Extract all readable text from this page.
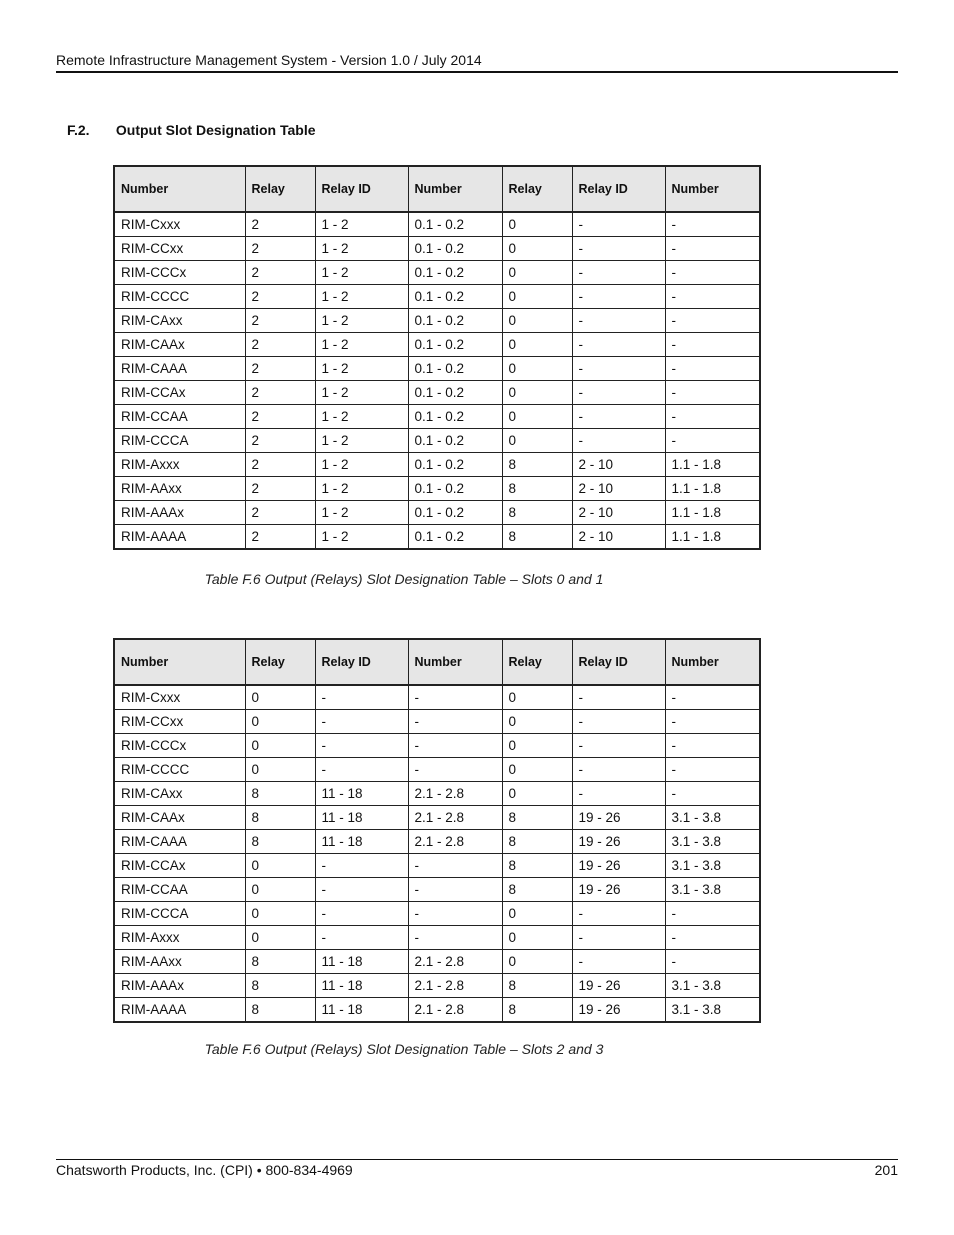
Remote Infrastructure Management System - Version 1.0 / July 2014
F.2. Output Slot Designation Table
Number	Relay	Relay ID	Number	Relay	Relay ID	Number
RIM-Cxxx	2	1 - 2	0.1 - 0.2	0	-	-
RIM-CCxx	2	1 - 2	0.1 - 0.2	0	-	-
RIM-CCCx	2	1 - 2	0.1 - 0.2	0	-	-
RIM-CCCC	2	1 - 2	0.1 - 0.2	0	-	-
RIM-CAxx	2	1 - 2	0.1 - 0.2	0	-	-
RIM-CAAx	2	1 - 2	0.1 - 0.2	0	-	-
RIM-CAAA	2	1 - 2	0.1 - 0.2	0	-	-
RIM-CCAx	2	1 - 2	0.1 - 0.2	0	-	-
RIM-CCAA	2	1 - 2	0.1 - 0.2	0	-	-
RIM-CCCA	2	1 - 2	0.1 - 0.2	0	-	-
RIM-Axxx	2	1 - 2	0.1 - 0.2	8	2 - 10	1.1 - 1.8
RIM-AAxx	2	1 - 2	0.1 - 0.2	8	2 - 10	1.1 - 1.8
RIM-AAAx	2	1 - 2	0.1 - 0.2	8	2 - 10	1.1 - 1.8
RIM-AAAA	2	1 - 2	0.1 - 0.2	8	2 - 10	1.1 - 1.8
Table F.6 Output (Relays) Slot Designation Table – Slots 0 and 1
Number	Relay	Relay ID	Number	Relay	Relay ID	Number
RIM-Cxxx	0	-	-	0	-	-
RIM-CCxx	0	-	-	0	-	-
RIM-CCCx	0	-	-	0	-	-
RIM-CCCC	0	-	-	0	-	-
RIM-CAxx	8	11 - 18	2.1 - 2.8	0	-	-
RIM-CAAx	8	11 - 18	2.1 - 2.8	8	19 - 26	3.1 - 3.8
RIM-CAAA	8	11 - 18	2.1 - 2.8	8	19 - 26	3.1 - 3.8
RIM-CCAx	0	-	-	8	19 - 26	3.1 - 3.8
RIM-CCAA	0	-	-	8	19 - 26	3.1 - 3.8
RIM-CCCA	0	-	-	0	-	-
RIM-Axxx	0	-	-	0	-	-
RIM-AAxx	8	11 - 18	2.1 - 2.8	0	-	-
RIM-AAAx	8	11 - 18	2.1 - 2.8	8	19 - 26	3.1 - 3.8
RIM-AAAA	8	11 - 18	2.1 - 2.8	8	19 - 26	3.1 - 3.8
Table F.6 Output (Relays) Slot Designation Table – Slots 2 and 3
Chatsworth Products, Inc. (CPI) • 800-834-4969	201
